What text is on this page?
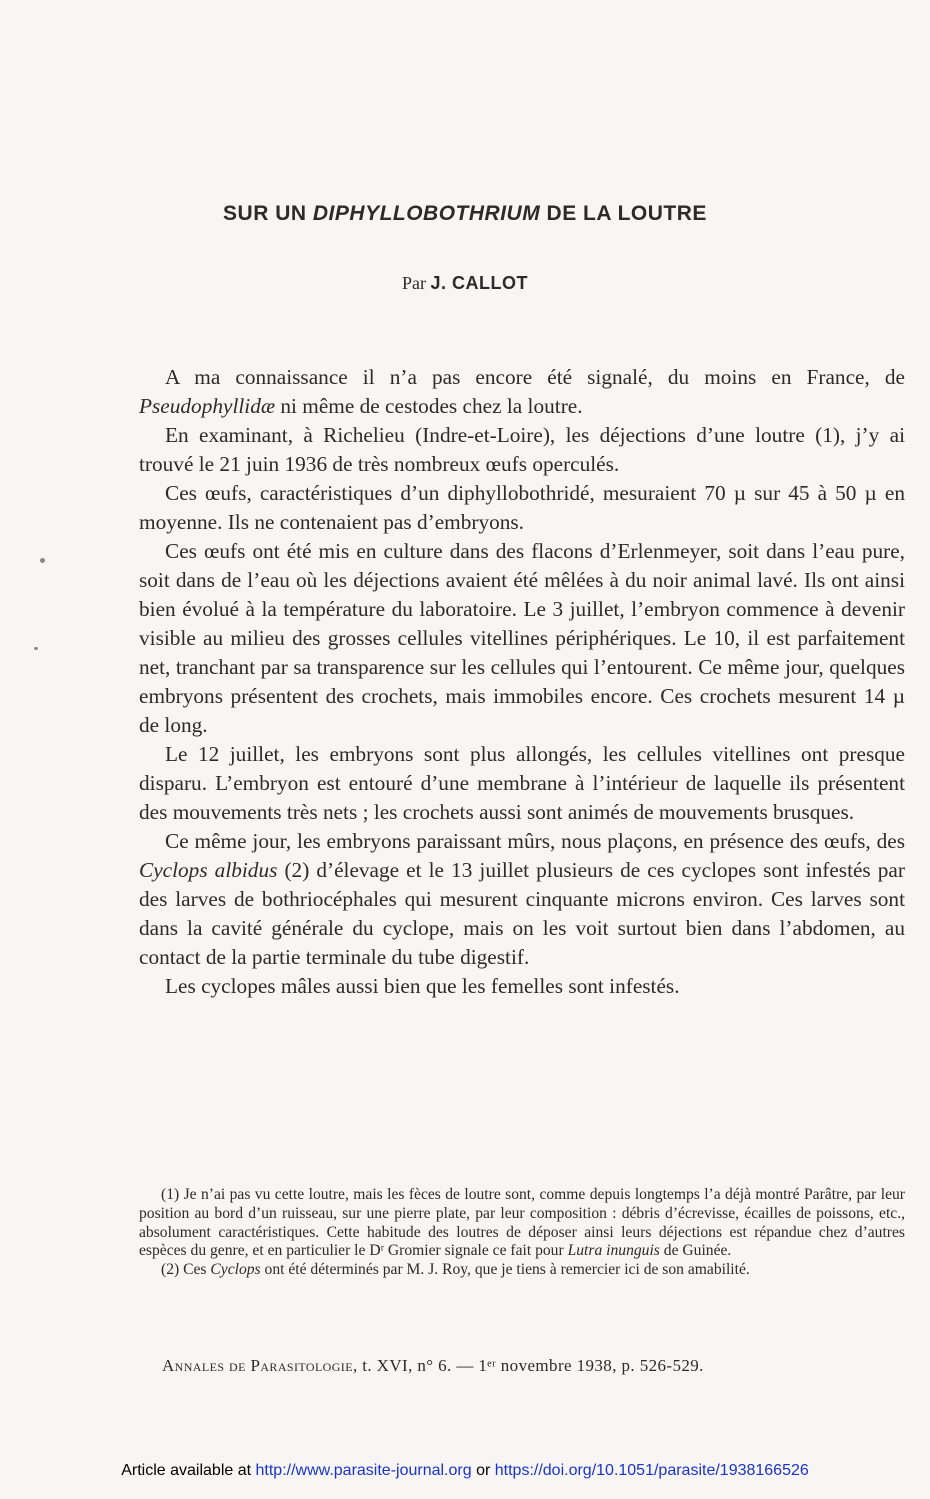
SUR UN DIPHYLLOBOTHRIUM DE LA LOUTRE
Par J. CALLOT

A ma connaissance il n’a pas encore été signalé, du moins en France, de Pseudophyllidæ ni même de cestodes chez la loutre.

En examinant, à Richelieu (Indre-et-Loire), les déjections d’une loutre (1), j’y ai trouvé le 21 juin 1936 de très nombreux œufs operculés.

Ces œufs, caractéristiques d’un diphyllobothridé, mesuraient 70 µ sur 45 à 50 µ en moyenne. Ils ne contenaient pas d’embryons.

Ces œufs ont été mis en culture dans des flacons d’Erlenmeyer, soit dans l’eau pure, soit dans de l’eau où les déjections avaient été mêlées à du noir animal lavé. Ils ont ainsi bien évolué à la température du laboratoire. Le 3 juillet, l’embryon commence à devenir visible au milieu des grosses cellules vitellines périphériques. Le 10, il est parfaitement net, tranchant par sa transparence sur les cellules qui l’entourent. Ce même jour, quelques embryons présentent des crochets, mais immobiles encore. Ces crochets mesurent 14 µ de long.

Le 12 juillet, les embryons sont plus allongés, les cellules vitellines ont presque disparu. L’embryon est entouré d’une membrane à l’intérieur de laquelle ils présentent des mouvements très nets ; les crochets aussi sont animés de mouvements brusques.

Ce même jour, les embryons paraissant mûrs, nous plaçons, en présence des œufs, des Cyclops albidus (2) d’élevage et le 13 juillet plusieurs de ces cyclopes sont infestés par des larves de bothriocéphales qui mesurent cinquante microns environ. Ces larves sont dans la cavité générale du cyclope, mais on les voit surtout bien dans l’abdomen, au contact de la partie terminale du tube digestif.

Les cyclopes mâles aussi bien que les femelles sont infestés.

(1) Je n’ai pas vu cette loutre, mais les fèces de loutre sont, comme depuis longtemps l’a déjà montré Parâtre, par leur position au bord d’un ruisseau, sur une pierre plate, par leur composition : débris d’écrevisse, écailles de poissons, etc., absolument caractéristiques. Cette habitude des loutres de déposer ainsi leurs déjections est répandue chez d’autres espèces du genre, et en particulier le Dʳ Gromier signale ce fait pour Lutra inunguis de Guinée.

(2) Ces Cyclops ont été déterminés par M. J. Roy, que je tiens à remercier ici de son amabilité.

Annales de Parasitologie, t. XVI, n° 6. — 1ᵉʳ novembre 1938, p. 526-529.
Article available at http://www.parasite-journal.org or https://doi.org/10.1051/parasite/1938166526
